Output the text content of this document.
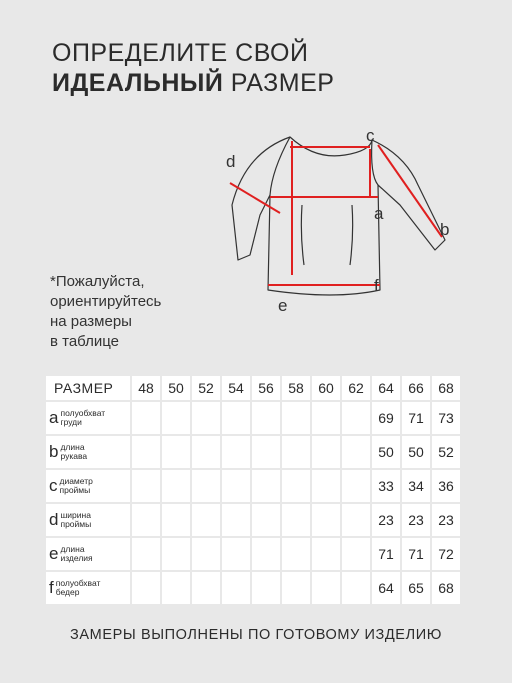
ОПРЕДЕЛИТЕ СВОЙ
ИДЕАЛЬНЫЙ РАЗМЕР
*Пожалуйста,
ориентируйтесь
на размеры
в таблице
d
c
a
b
f
e
РАЗМЕР	48	50	52	54	56	58	60	62	64	66	68
a полуобхват
груди									69	71	73
b длина
рукава									50	50	52
c диаметр
проймы									33	34	36
d ширина
проймы									23	23	23
e длина
изделия									71	71	72
f полуобхват
бедер									64	65	68
ЗАМЕРЫ ВЫПОЛНЕНЫ ПО ГОТОВОМУ ИЗДЕЛИЮ
